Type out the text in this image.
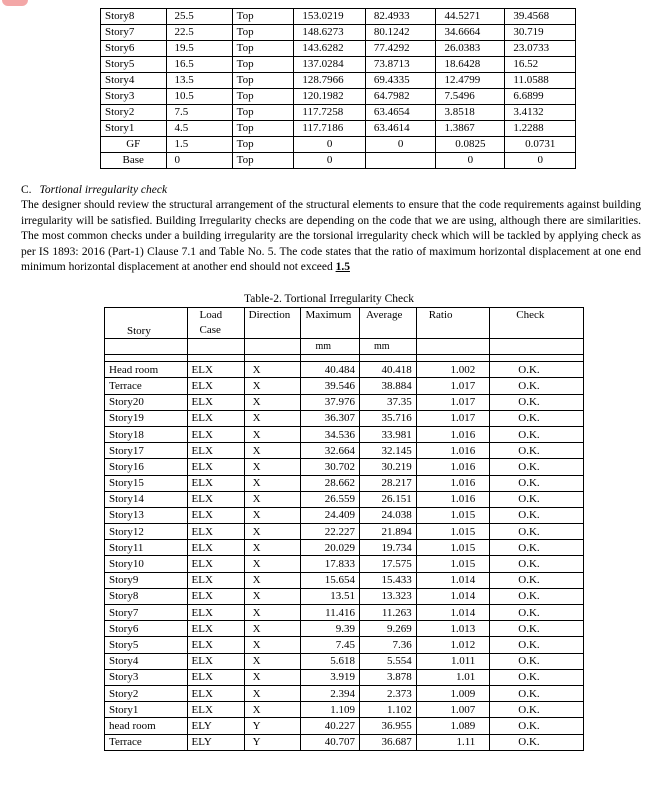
Story8	25.5	Top	153.0219	82.4933	44.5271	39.4568
Story7	22.5	Top	148.6273	80.1242	34.6664	30.719
Story6	19.5	Top	143.6282	77.4292	26.0383	23.0733
Story5	16.5	Top	137.0284	73.8713	18.6428	16.52
Story4	13.5	Top	128.7966	69.4335	12.4799	11.0588
Story3	10.5	Top	120.1982	64.7982	7.5496	6.6899
Story2	7.5	Top	117.7258	63.4654	3.8518	3.4132
Story1	4.5	Top	117.7186	63.4614	1.3867	1.2288
GF	1.5	Top	0	0	0.0825	0.0731
Base	0	Top	0		0	0
C. Tortional irregularity check
The designer should review the structural arrangement of the structural elements to ensure that the code requirements against building irregularity will be satisfied. Building Irregularity checks are depending on the code that we are using, although there are similarities. The most common checks under a building irregularity are the torsional irregularity check which will be tackled by applying check as per IS 1893: 2016 (Part-1) Clause 7.1 and Table No. 5. The code states that the ratio of maximum horizontal displacement at one end minimum horizontal displacement at another end should not exceed 1.5
Table-2. Tortional Irregularity Check
Story	Load Case	Direction	Maximum	Average	Ratio	Check
			mm	mm		

Head room	ELX	X	40.484	40.418	1.002	O.K.
Terrace	ELX	X	39.546	38.884	1.017	O.K.
Story20	ELX	X	37.976	37.35	1.017	O.K.
Story19	ELX	X	36.307	35.716	1.017	O.K.
Story18	ELX	X	34.536	33.981	1.016	O.K.
Story17	ELX	X	32.664	32.145	1.016	O.K.
Story16	ELX	X	30.702	30.219	1.016	O.K.
Story15	ELX	X	28.662	28.217	1.016	O.K.
Story14	ELX	X	26.559	26.151	1.016	O.K.
Story13	ELX	X	24.409	24.038	1.015	O.K.
Story12	ELX	X	22.227	21.894	1.015	O.K.
Story11	ELX	X	20.029	19.734	1.015	O.K.
Story10	ELX	X	17.833	17.575	1.015	O.K.
Story9	ELX	X	15.654	15.433	1.014	O.K.
Story8	ELX	X	13.51	13.323	1.014	O.K.
Story7	ELX	X	11.416	11.263	1.014	O.K.
Story6	ELX	X	9.39	9.269	1.013	O.K.
Story5	ELX	X	7.45	7.36	1.012	O.K.
Story4	ELX	X	5.618	5.554	1.011	O.K.
Story3	ELX	X	3.919	3.878	1.01	O.K.
Story2	ELX	X	2.394	2.373	1.009	O.K.
Story1	ELX	X	1.109	1.102	1.007	O.K.
head room	ELY	Y	40.227	36.955	1.089	O.K.
Terrace	ELY	Y	40.707	36.687	1.11	O.K.
